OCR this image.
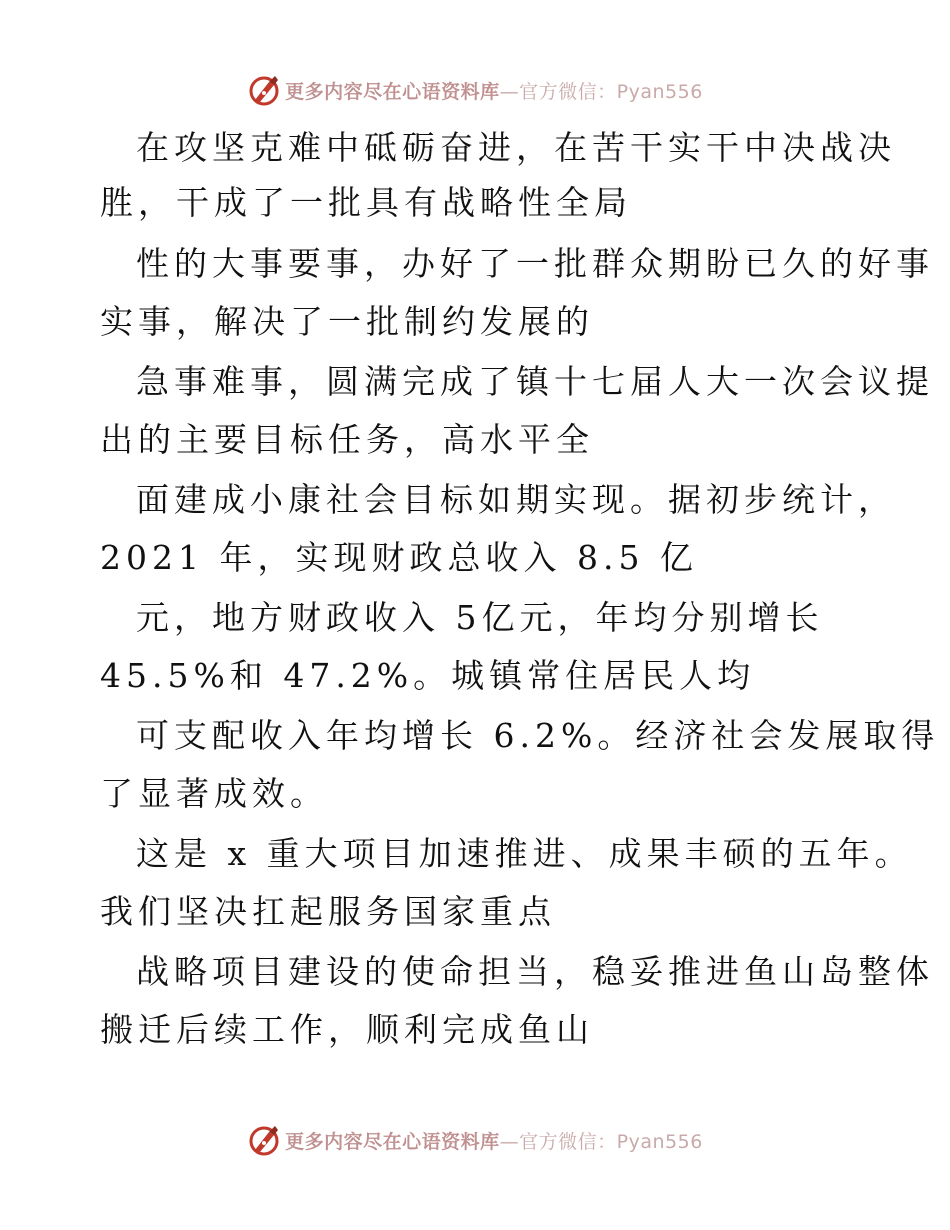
更多内容尽在心语资料库—官方微信：Pyan556
在攻坚克难中砥砺奋进，在苦干实干中决战决
胜，干成了一批具有战略性全局
性的大事要事，办好了一批群众期盼已久的好事
实事，解决了一批制约发展的
急事难事，圆满完成了镇十七届人大一次会议提
出的主要目标任务，高水平全
面建成小康社会目标如期实现。据初步统计，
2021 年，实现财政总收入 8.5 亿
元，地方财政收入 5亿元，年均分别增长
45.5%和 47.2%。城镇常住居民人均
可支配收入年均增长 6.2%。经济社会发展取得
了显著成效。
这是 x 重大项目加速推进、成果丰硕的五年。
我们坚决扛起服务国家重点
战略项目建设的使命担当，稳妥推进鱼山岛整体
搬迁后续工作，顺利完成鱼山
更多内容尽在心语资料库—官方微信：Pyan556
